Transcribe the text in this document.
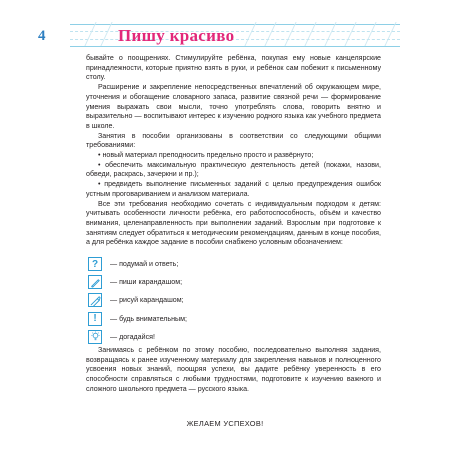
4	Пишу красиво

бывайте о поощрениях. Стимулируйте ребёнка, покупая ему новые канцелярские принадлежности, которые приятно взять в руки, и ребёнок сам побежит к письменному столу.

Расширение и закрепление непосредственных впечатлений об окружающем мире, уточнения и обогащение словарного запаса, развитие связной речи — формирование умения выражать свои мысли, точно употреблять слова, говорить внятно и выразительно — воспитывают интерес к изучению родного языка как учебного предмета в школе.

Занятия в пособии организованы в соответствии со следующими общими требованиями:

• новый материал преподносить предельно просто и развёрнуто;

• обеспечить максимальную практическую деятельность детей (покажи, назови, обведи, раскрась, зачеркни и пр.);

• предвидеть выполнение письменных заданий с целью предупреждения ошибок устным проговариванием и анализом материала.

Все эти требования необходимо сочетать с индивидуальным подходом к детям: учитывать особенности личности ребёнка, его работоспособность, объём и качество внимания, целенаправленность при выполнении заданий. Взрослым при подготовке к занятиям следует обратиться к методическим рекомендациям, данным в конце пособия, а для ребёнка каждое задание в пособии снабжено условным обозначением:

?	— подумай и ответь;
— пиши карандашом;
— рисуй карандашом;
!	— будь внимательным;
— догадайся!

Занимаясь с ребёнком по этому пособию, последовательно выполняя задания, возвращаясь к ранее изученному материалу для закрепления навыков и полноценного усвоения новых знаний, поощряя успехи, вы дадите ребёнку уверенность в его способности справляться с любыми трудностями, подготовите к изучению важного и сложного школьного предмета — русского языка.

ЖЕЛАЕМ УСПЕХОВ!
